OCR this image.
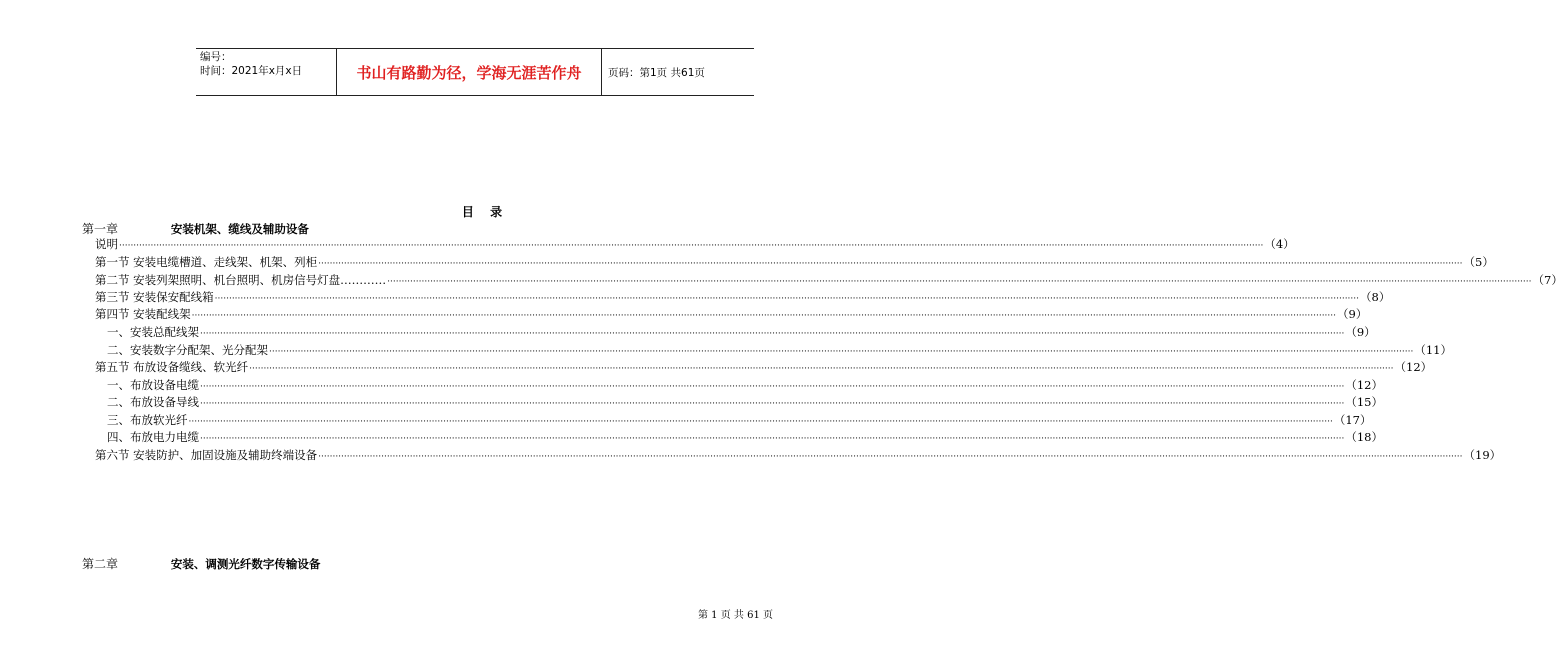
编号：
时间：2021年x月x日	书山有路勤为径，学海无涯苦作舟	页码：第1页 共61页
目 录
第一章	安装机架、缆线及辅助设备
说明 ················································································································································································································································································································································································································ （4）
第一节 安装电缆槽道、走线架、机架、列柜 ················································································································································································································································································································································································································ （5）
第二节 安装列架照明、机台照明、机房信号灯盘………… ················································································································································································································································································································································································································ （7）
第三节 安装保安配线箱 ················································································································································································································································································································································································································ （8）
第四节 安装配线架 ················································································································································································································································································································································································································ （9）
一、安装总配线架 ················································································································································································································································································································································································································ （9）
二、安装数字分配架、光分配架 ················································································································································································································································································································································································································ （11）
第五节 布放设备缆线、软光纤 ················································································································································································································································································································································································································ （12）
一、布放设备电缆 ················································································································································································································································································································································································································ （12）
二、布放设备导线 ················································································································································································································································································································································································································ （15）
三、布放软光纤 ················································································································································································································································································································································································································ （17）
四、布放电力电缆 ················································································································································································································································································································································································································ （18）
第六节 安装防护、加固设施及辅助终端设备 ················································································································································································································································································································································································································ （19）
第二章	安装、调测光纤数字传输设备
第 1 页 共 61 页
